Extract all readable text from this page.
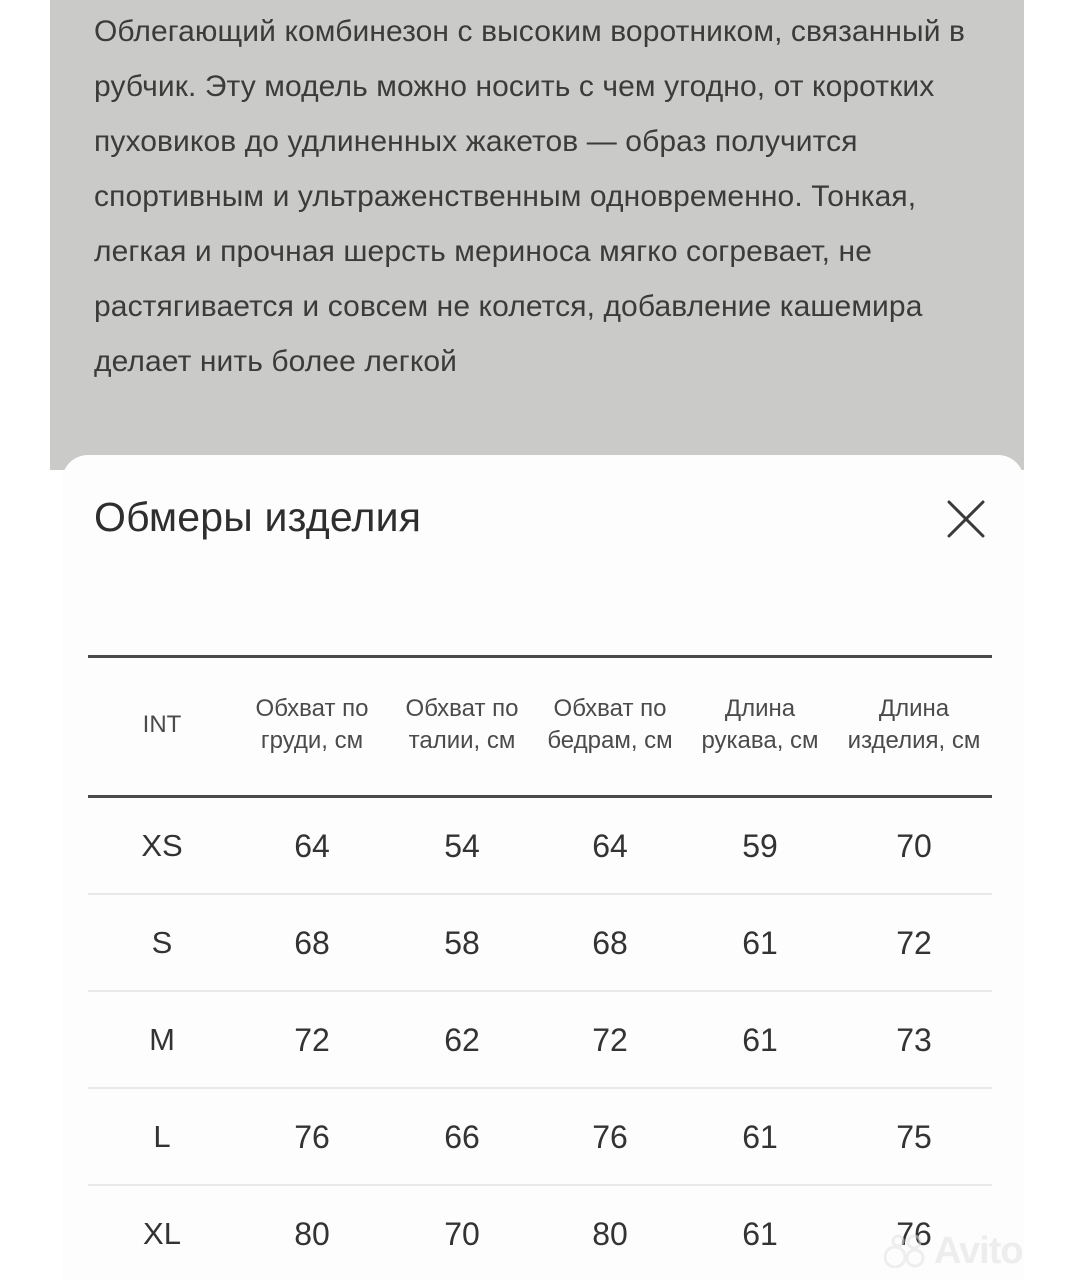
Облегающий комбинезон с высоким воротником, связанный в рубчик. Эту модель можно носить с чем угодно, от коротких пуховиков до удлиненных жакетов — образ получится спортивным и ультраженственным одновременно. Тонкая, легкая и прочная шерсть мериноса мягко согревает, не растягивается и совсем не колется, добавление кашемира делает нить более легкой
Обмеры изделия
INT	Обхват по груди, см	Обхват по талии, см	Обхват по бедрам, см	Длина рукава, см	Длина изделия, см
XS	64	54	64	59	70
S	68	58	68	61	72
M	72	62	72	61	73
L	76	66	76	61	75
XL	80	70	80	61	76 Avito
